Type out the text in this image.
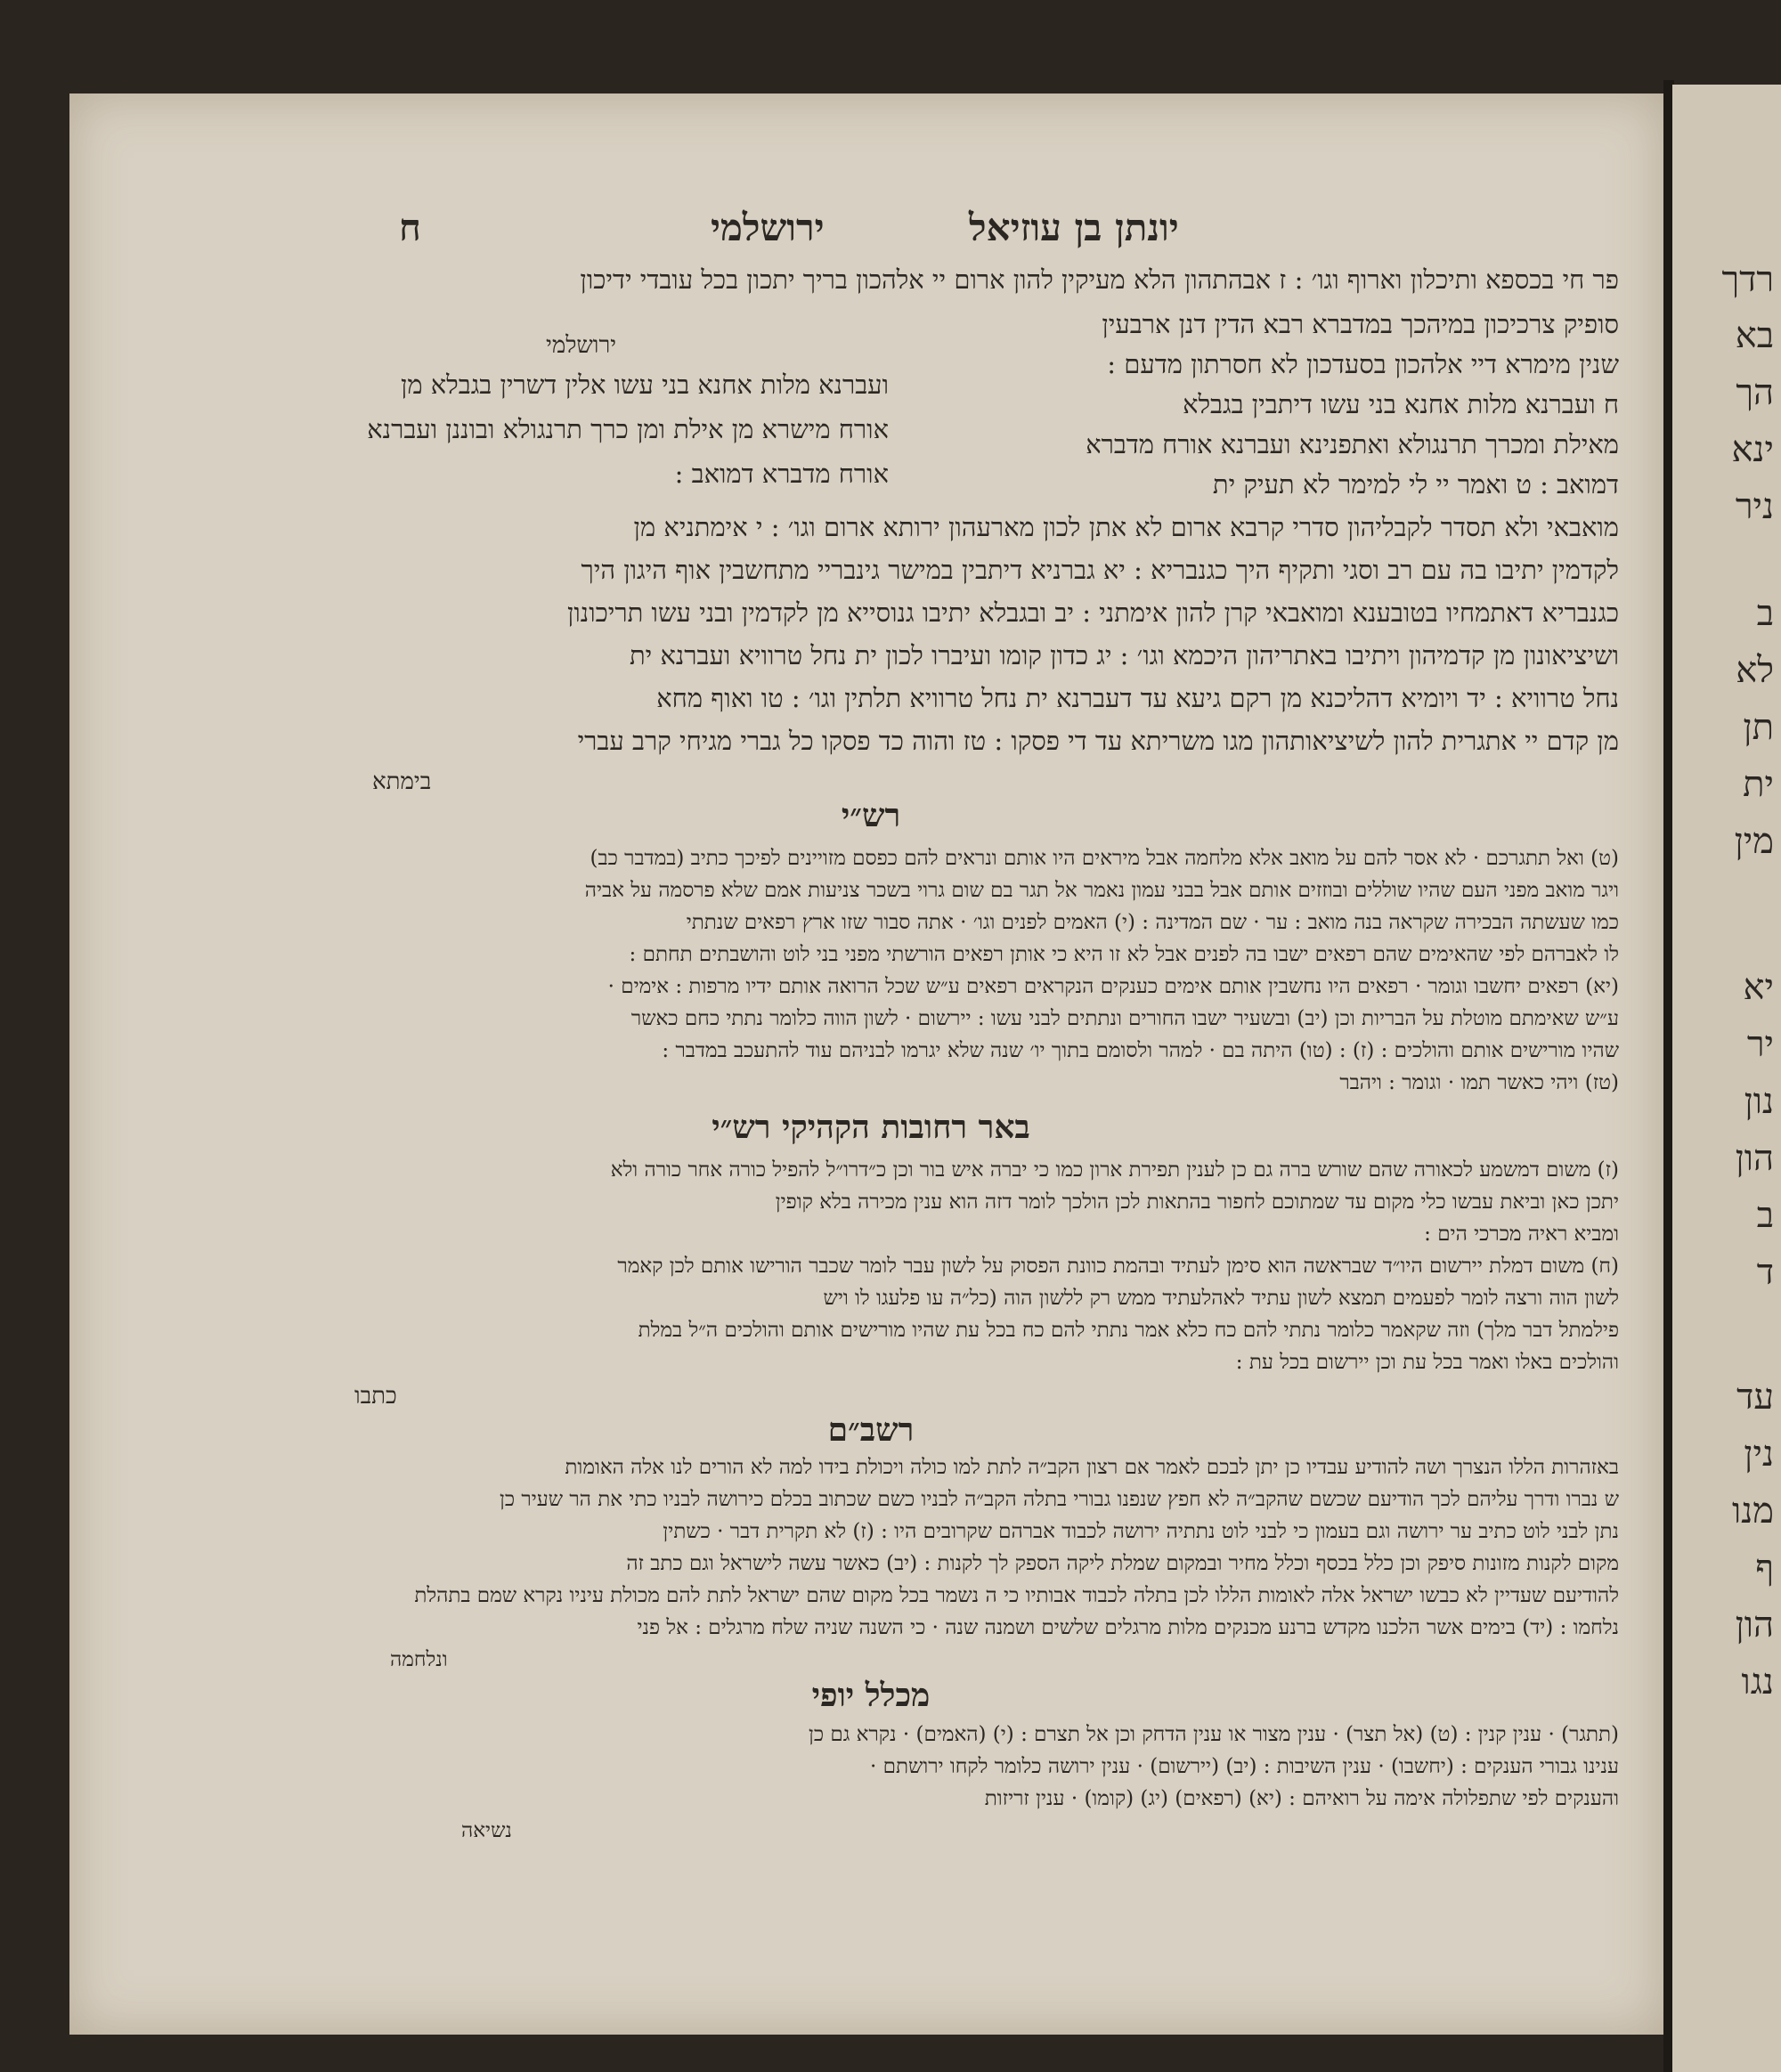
ח	ירושלמי	יונתן בן עוזיאל
פר חי בכספא ותיכלון וארוף וגו׳ : ז אבהתהון הלא מעיקין להון ארום יי אלהכון בריך יתכון בכל עובדי ידיכון
סופיק צרכיכון במיהכך במדברא רבא הדין דנן ארבעין
שנין מימרא דיי אלהכון בסעדכון לא חסרתון מדעם :
ח ועברנא מלות אחנא בני עשו דיתבין בגבלא
מאילת ומכרך תרנגולא ואתפנינא ועברנא אורח מדברא
דמואב : ט ואמר יי לי למימר לא תעיק ית
ירושלמי
ועברנא מלות אחנא בני עשו אלין דשרין בגבלא מן
אורח מישרא מן אילת ומן כרך תרנגולא ובוננן ועברנא
אורח מדברא דמואב :
מואבאי ולא תסדר לקבליהון סדרי קרבא ארום לא אתן לכון מארעהון ירותא ארום וגו׳ : י אימתניא מן
לקדמין יתיבו בה עם רב וסגי ותקיף היך כגנבריא : יא גברניא דיתבין במישר גינבריי מתחשבין אוף היגון היך
כגנבריא דאתמחיו בטובענא ומואבאי קרן להון אימתני : יב ובגבלא יתיבו גנוסייא מן לקדמין ובני עשו תריכונון
ושיציאונון מן קדמיהון ויתיבו באתריהון היכמא וגו׳ : יג כדון קומו ועיברו לכון ית נחל טרוויא ועברנא ית
נחל טרוויא : יד ויומיא דהליכנא מן רקם גיעא עד דעברנא ית נחל טרוויא תלתין וגו׳ : טו ואוף מחא
מן קדם יי אתגרית להון לשיציאותהון מגו משריתא עד די פסקו : טז והוה כד פסקו כל גברי מגיחי קרב עברי
בימתא
רש״י
(ט) ואל תתגרכם · לא אסר להם על מואב אלא מלחמה אבל מיראים היו אותם ונראים להם כפסם מזויינים לפיכך כתיב (במדבר כב)
ויגר מואב מפני העם שהיו שוללים ובוזזים אותם אבל בבני עמון נאמר אל תגר בם שום גרוי בשכר צניעות אמם שלא פרסמה על אביה
כמו שעשתה הבכירה שקראה בנה מואב : ער · שם המדינה : (י) האמים לפנים וגו׳ · אתה סבור שזו ארץ רפאים שנתתי
לו לאברהם לפי שהאימים שהם רפאים ישבו בה לפנים אבל לא זו היא כי אותן רפאים הורשתי מפני בני לוט והושבתים תחתם :
(יא) רפאים יחשבו וגומר · רפאים היו נחשבין אותם אימים כענקים הנקראים רפאים ע״ש שכל הרואה אותם ידיו מרפות : אימים ·
ע״ש שאימתם מוטלת על הבריות וכן (יב) ובשעיר ישבו החורים ונתתים לבני עשו : יירשום · לשון הווה כלומר נתתי כחם כאשר
שהיו מורישים אותם והולכים : (ז) : (טו) היתה בם · למהר ולסומם בתוך יו׳ שנה שלא יגרמו לבניהם עוד להתעכב במדבר :
(טז) ויהי כאשר תמו · וגומר : ויהבר
באר רחובות הקהיקי רש״י
(ז) משום דמשמע לכאורה שהם שורש ברה גם כן לענין תפירת ארון כמו כי יברה איש בור וכן כ״דרו״ל להפיל כורה אחר כורה ולא
יתכן כאן וביאת עבשו כלי מקום עד שמתוכם לחפור בהתאות לכן הולכך לומר דזה הוא ענין מכירה בלא קופין
ומביא ראיה מכרכי הים :
(ח) משום דמלת יירשום היו״ד שבראשה הוא סימן לעתיד ובהמת כוונת הפסוק על לשון עבר לומר שכבר הורישו אותם לכן קאמר
לשון הוה ורצה לומר לפעמים תמצא לשון עתיד לאהלעתיד ממש רק ללשון הוה (כל״ה עו פלעגו לו ויש
פילמתל דבר מלך) וזה שקאמר כלומר נתתי להם כח כלא אמר נתתי להם כח בכל עת שהיו מורישים אותם והולכים ה״ל במלת
והולכים באלו ואמר בכל עת וכן יירשום בכל עת :
כתבו
רשב״ם
באזהרות הללו הנצרך ושה להודיע עבדיו כן יתן לבכם לאמר אם רצון הקב״ה לתת למו כולה ויכולת בידו למה לא הורים לנו אלה האומות
ש נברו ודרך עליהם לכך הודיעם שכשם שהקב״ה לא חפץ שנפנו גבורי בתלה הקב״ה לבניו כשם שכתוב בכלם כירושה לבניו כתי את הר שעיר כן
נתן לבני לוט כתיב ער ירושה וגם בעמון כי לבני לוט נתתיה ירושה לכבוד אברהם שקרובים היו : (ז) לא תקרית דבר · כשתין
מקום לקנות מזונות סיפק וכן כלל בכסף וכלל מחיר ובמקום שמלת ליקה הספק לך לקנות : (יב) כאשר עשה לישראל וגם כתב זה
להודיעם שעדיין לא כבשו ישראל אלה לאומות הללו לכן בתלה לכבוד אבותיו כי ה נשמר בכל מקום שהם ישראל לתת להם מכולת עיניו נקרא שמם בתהלת
נלחמו : (יד) בימים אשר הלכנו מקדש ברנע מכנקים מלות מרגלים שלשים ושמנה שנה · כי השנה שניה שלח מרגלים : אל פני
ונלחמה
מכלל יופי
(תתגר) · ענין קנין : (ט) (אל תצר) · ענין מצור או ענין הדחק וכן אל תצרם : (י) (האמים) · נקרא גם כן
ענינו גבורי הענקים : (יחשבו) · ענין השיבות : (יב) (יירשום) · ענין ירושה כלומר לקחו ירושתם ·
והענקים לפי שתפלולה אימה על רואיהם : (יא) (רפאים) (יג) (קומו) · ענין זריזות
נשיאה
רדך
בא
הך
ינא
ניר
ב
לא
תן
ית
מין
יא
יר
נון
הון
ב
ד
עד
נין
מנו
ף
הון
נגו
